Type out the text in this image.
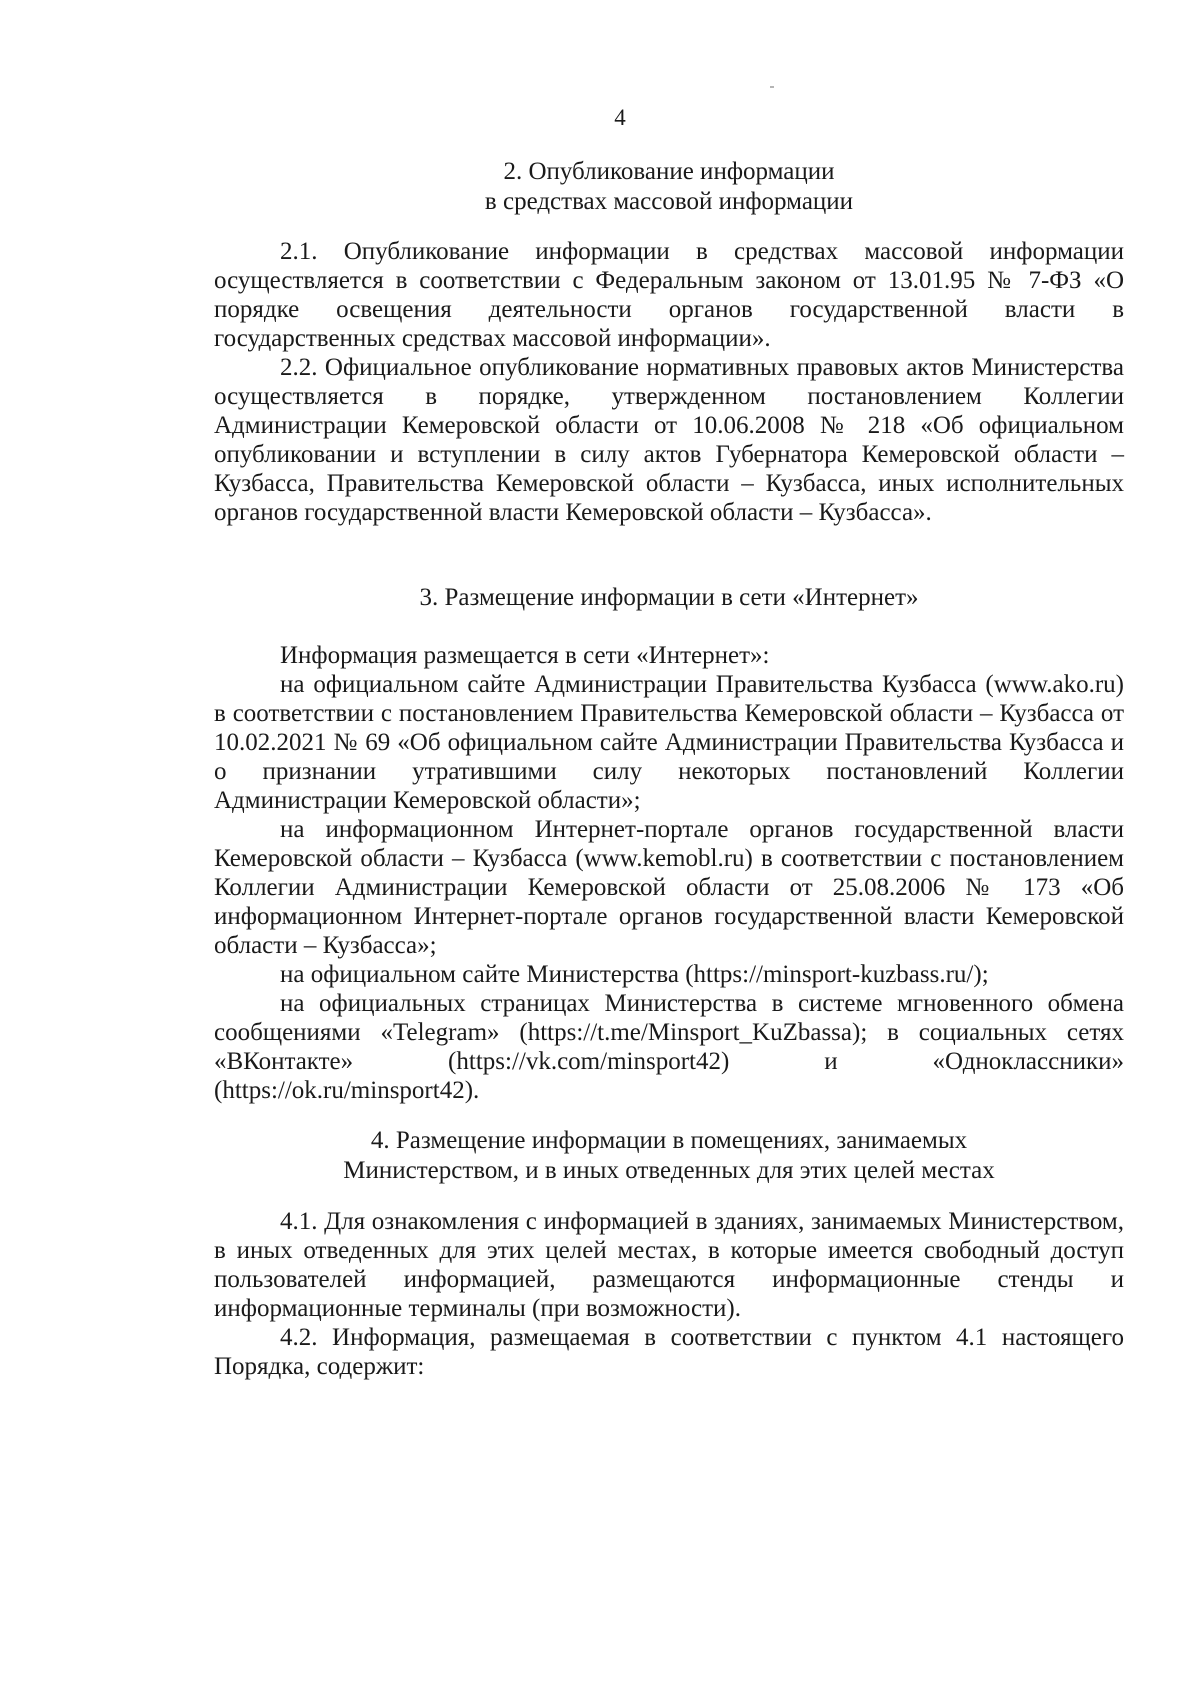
4
2. Опубликование информации
в средствах массовой информации

2.1. Опубликование информации в средствах массовой информации осуществляется в соответствии с Федеральным законом от 13.01.95 № 7-ФЗ «О порядке освещения деятельности органов государственной власти в государственных средствах массовой информации».

2.2. Официальное опубликование нормативных правовых актов Министерства осуществляется в порядке, утвержденном постановлением Коллегии Администрации Кемеровской области от 10.06.2008 № 218 «Об официальном опубликовании и вступлении в силу актов Губернатора Кемеровской области – Кузбасса, Правительства Кемеровской области – Кузбасса, иных исполнительных органов государственной власти Кемеровской области – Кузбасса».

3. Размещение информации в сети «Интернет»

Информация размещается в сети «Интернет»:

на официальном сайте Администрации Правительства Кузбасса (www.ako.ru) в соответствии с постановлением Правительства Кемеровской области – Кузбасса от 10.02.2021 № 69 «Об официальном сайте Администрации Правительства Кузбасса и о признании утратившими силу некоторых постановлений Коллегии Администрации Кемеровской области»;

на информационном Интернет-портале органов государственной власти Кемеровской области – Кузбасса (www.kemobl.ru) в соответствии с постановлением Коллегии Администрации Кемеровской области от 25.08.2006 № 173 «Об информационном Интернет-портале органов государственной власти Кемеровской области – Кузбасса»;

на официальном сайте Министерства (https://minsport-kuzbass.ru/);

на официальных страницах Министерства в системе мгновенного обмена сообщениями «Telegram» (https://t.me/Minsport_KuZbassa); в социальных сетях «ВКонтакте» (https://vk.com/minsport42) и «Одноклассники» (https://ok.ru/minsport42).

4. Размещение информации в помещениях, занимаемых
Министерством, и в иных отведенных для этих целей местах

4.1. Для ознакомления с информацией в зданиях, занимаемых Министерством, в иных отведенных для этих целей местах, в которые имеется свободный доступ пользователей информацией, размещаются информационные стенды и информационные терминалы (при возможности).

4.2. Информация, размещаемая в соответствии с пунктом 4.1 настоящего Порядка, содержит:
